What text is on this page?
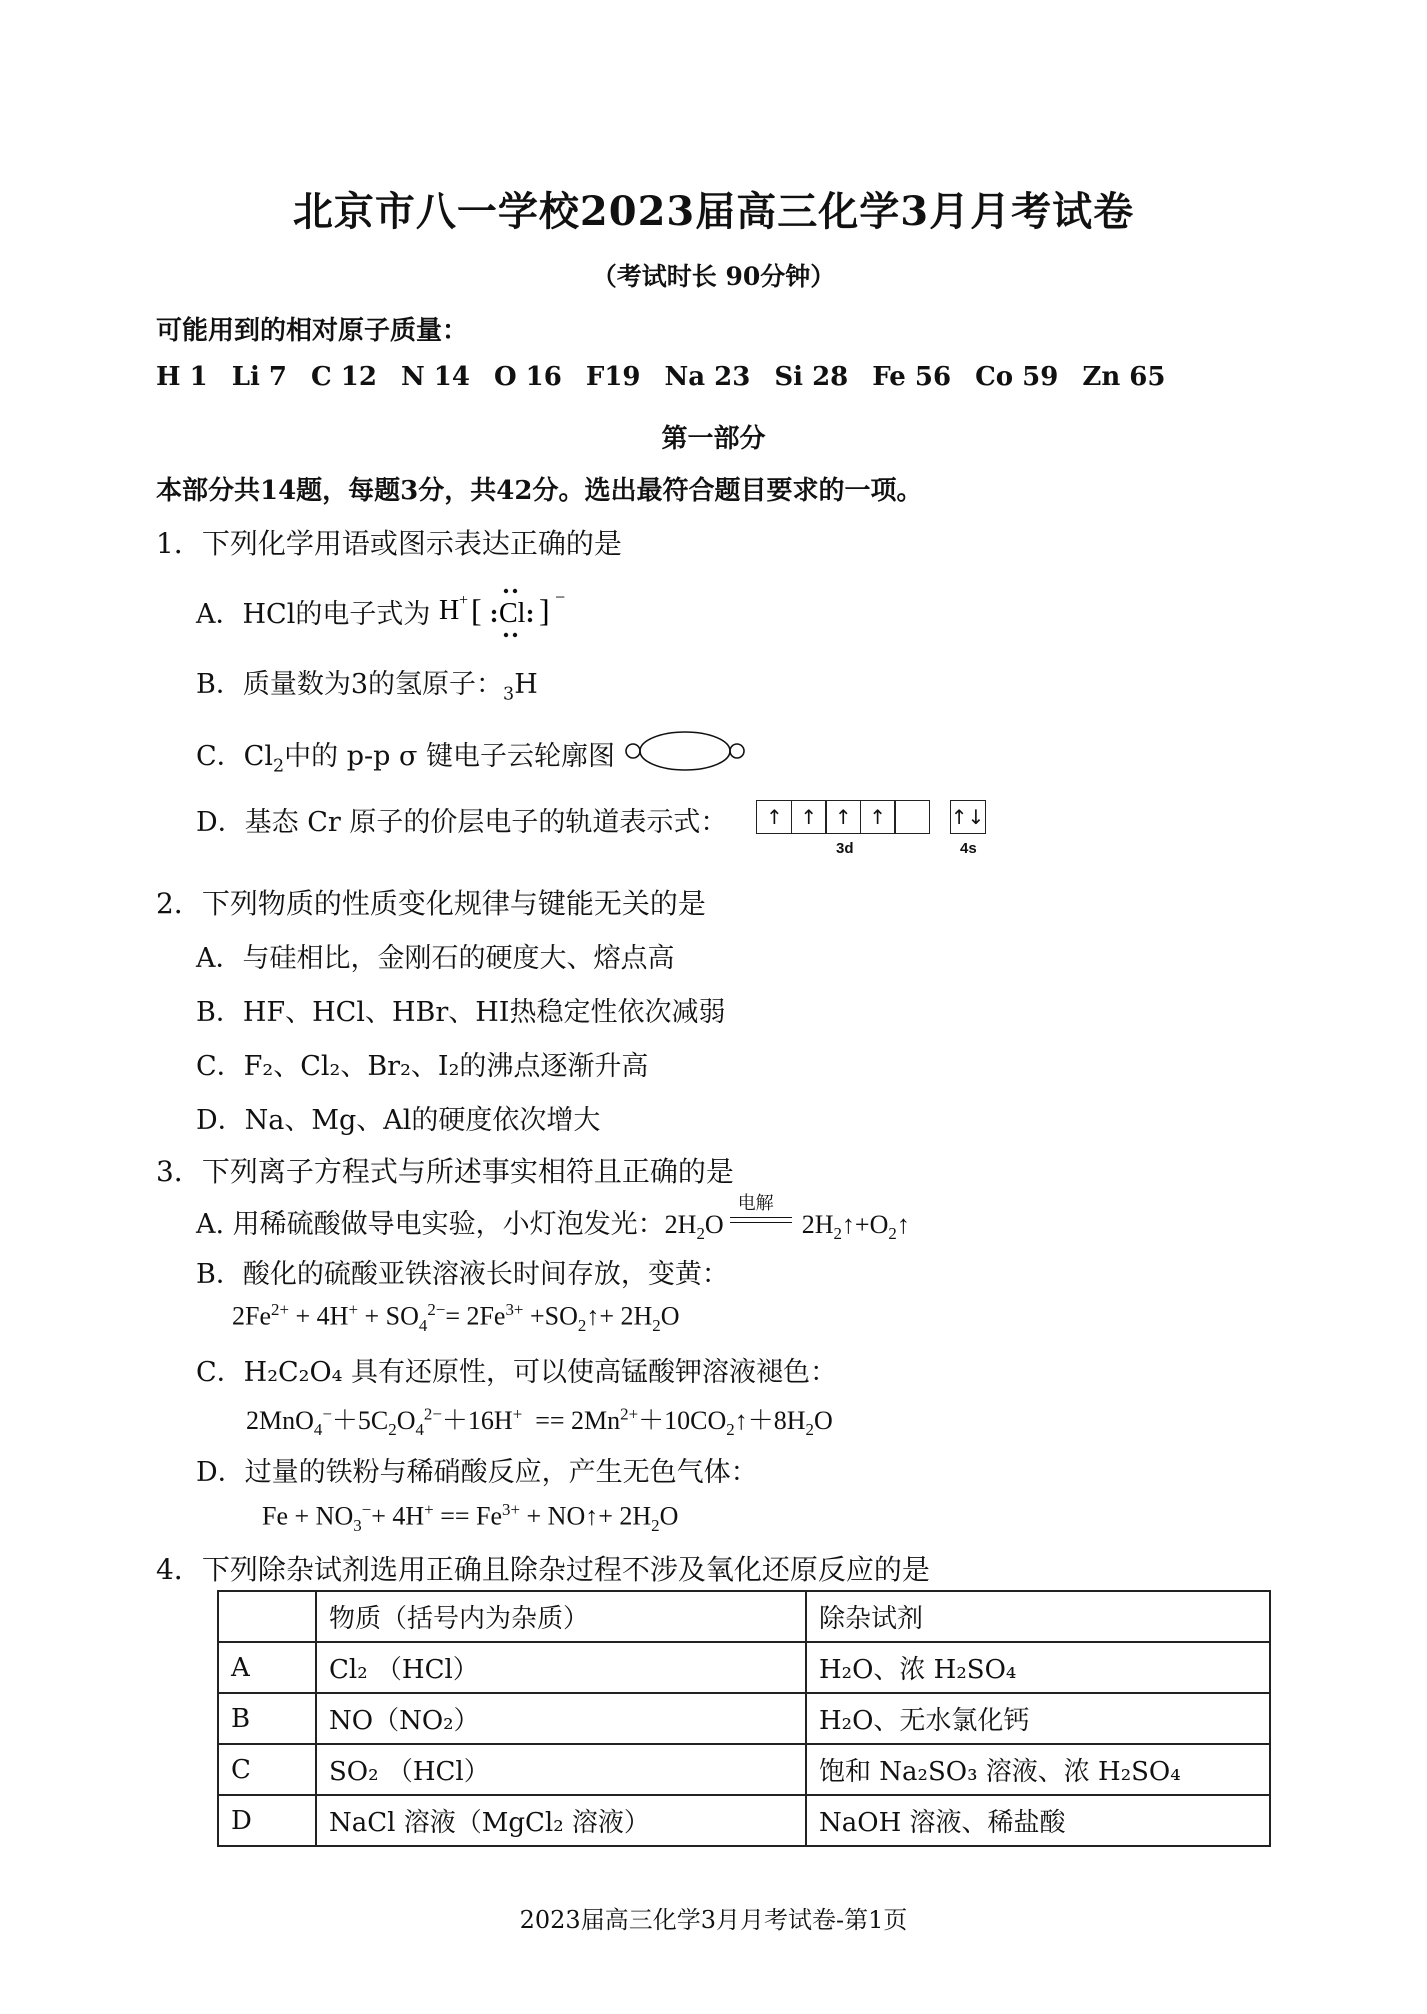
北京市八一学校2023届高三化学3月月考试卷
（考试时长 90分钟）
可能用到的相对原子质量：
H 1 Li 7 C 12 N 14 O 16 F19 Na 23 Si 28 Fe 56 Co 59 Zn 65
第一部分
本部分共14题，每题3分，共42分。选出最符合题目要求的一项。
1．下列化学用语或图示表达正确的是
A．HCl的电子式为 H + [ Cl ] −
B．质量数为3的氢原子：$_3$H
C．$Cl_2$中的 p-p σ 键电子云轮廓图
D．基态 Cr 原子的价层电子的轨道表示式：	↑ ↑ ↑ ↑
	↑↓
3d	4s
2．下列物质的性质变化规律与键能无关的是
A．与硅相比，金刚石的硬度大、熔点高
B．HF、HCl、HBr、HI热稳定性依次减弱
C．F₂、Cl₂、Br₂、I₂的沸点逐渐升高
D．Na、Mg、Al的硬度依次增大
3．下列离子方程式与所述事实相符且正确的是
A. 用稀硫酸做导电实验，小灯泡发光：$2H_2O$
电解
$2H_2↑+O_2↑$
B．酸化的硫酸亚铁溶液长时间存放，变黄：
$2Fe^{2+} + 4H^+ + SO_4^{2-}= 2Fe^{3+}$ $+SO_2↑+ 2H_2O$
C．H₂C₂O₄ 具有还原性，可以使高锰酸钾溶液褪色：
$2MnO_4^-+5C_2O_4^{2-}+16H^+$  == $2Mn^{2+}+10CO_2↑+8H_2O$
D．过量的铁粉与稀硝酸反应，产生无色气体：
$Fe + NO_3^-+ 4H^+ == Fe^{3+}$ + NO↑+ $2H_2O$
4．下列除杂试剂选用正确且除杂过程不涉及氧化还原反应的是
	物质（括号内为杂质）	除杂试剂
A	Cl₂ （HCl）	H₂O、浓 H₂SO₄
B	NO（NO₂）	H₂O、无水氯化钙
C	SO₂ （HCl）	饱和 Na₂SO₃ 溶液、浓 H₂SO₄
D	NaCl 溶液（MgCl₂ 溶液）	NaOH 溶液、稀盐酸
2023届高三化学3月月考试卷-第1页
